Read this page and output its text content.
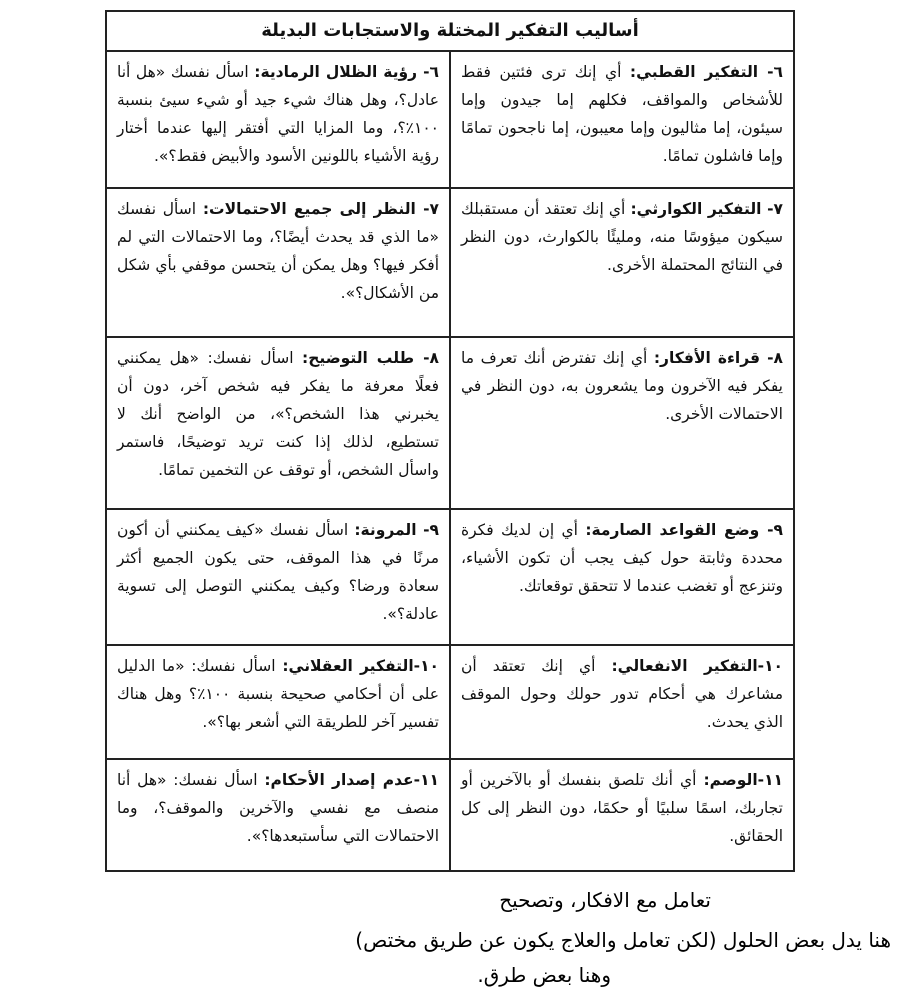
أساليب التفكير المختلة والاستجابات البديلة	
٦- التفكير القطبي: أي إنك ترى فئتين فقط للأشخاص والمواقف، فكلهم إما جيدون وإما سيئون، إما مثاليون وإما معيبون، إما ناجحون تمامًا وإما فاشلون تمامًا.	٦- رؤية الظلال الرمادية: اسأل نفسك «هل أنا عادل؟، وهل هناك شيء جيد أو شيء سيئ بنسبة ١٠٠٪؟، وما المزايا التي أفتقر إليها عندما أختار رؤية الأشياء باللونين الأسود والأبيض فقط؟».
٧- التفكير الكوارثي: أي إنك تعتقد أن مستقبلك سيكون ميؤوسًا منه، ومليئًا بالكوارث، دون النظر في النتائج المحتملة الأخرى.	٧- النظر إلى جميع الاحتمالات: اسأل نفسك «ما الذي قد يحدث أيضًا؟، وما الاحتمالات التي لم أفكر فيها؟ وهل يمكن أن يتحسن موقفي بأي شكل من الأشكال؟».
٨- قراءة الأفكار: أي إنك تفترض أنك تعرف ما يفكر فيه الآخرون وما يشعرون به، دون النظر في الاحتمالات الأخرى.	٨- طلب التوضيح: اسأل نفسك: «هل يمكنني فعلًا معرفة ما يفكر فيه شخص آخر، دون أن يخبرني هذا الشخص؟»، من الواضح أنك لا تستطيع، لذلك إذا كنت تريد توضيحًا، فاستمر واسأل الشخص، أو توقف عن التخمين تمامًا.
٩- وضع القواعد الصارمة: أي إن لديك فكرة محددة وثابتة حول كيف يجب أن تكون الأشياء، وتنزعج أو تغضب عندما لا تتحقق توقعاتك.	٩- المرونة: اسأل نفسك «كيف يمكنني أن أكون مرنًا في هذا الموقف، حتى يكون الجميع أكثر سعادة ورضا؟ وكيف يمكنني التوصل إلى تسوية عادلة؟».
١٠-التفكير الانفعالي: أي إنك تعتقد أن مشاعرك هي أحكام تدور حولك وحول الموقف الذي يحدث.	١٠-التفكير العقلاني: اسأل نفسك: «ما الدليل على أن أحكامي صحيحة بنسبة ١٠٠٪؟ وهل هناك تفسير آخر للطريقة التي أشعر بها؟».
١١-الوصم: أي أنك تلصق بنفسك أو بالآخرين أو تجاربك، اسمًا سلبيًا أو حكمًا، دون النظر إلى كل الحقائق.	١١-عدم إصدار الأحكام: اسأل نفسك: «هل أنا منصف مع نفسي والآخرين والموقف؟، وما الاحتمالات التي سأستبعدها؟».
تعامل مع الافكار، وتصحيح
هنا يدل بعض الحلول (لكن تعامل والعلاج يكون عن طريق مختص)
وهنا بعض طرق.
